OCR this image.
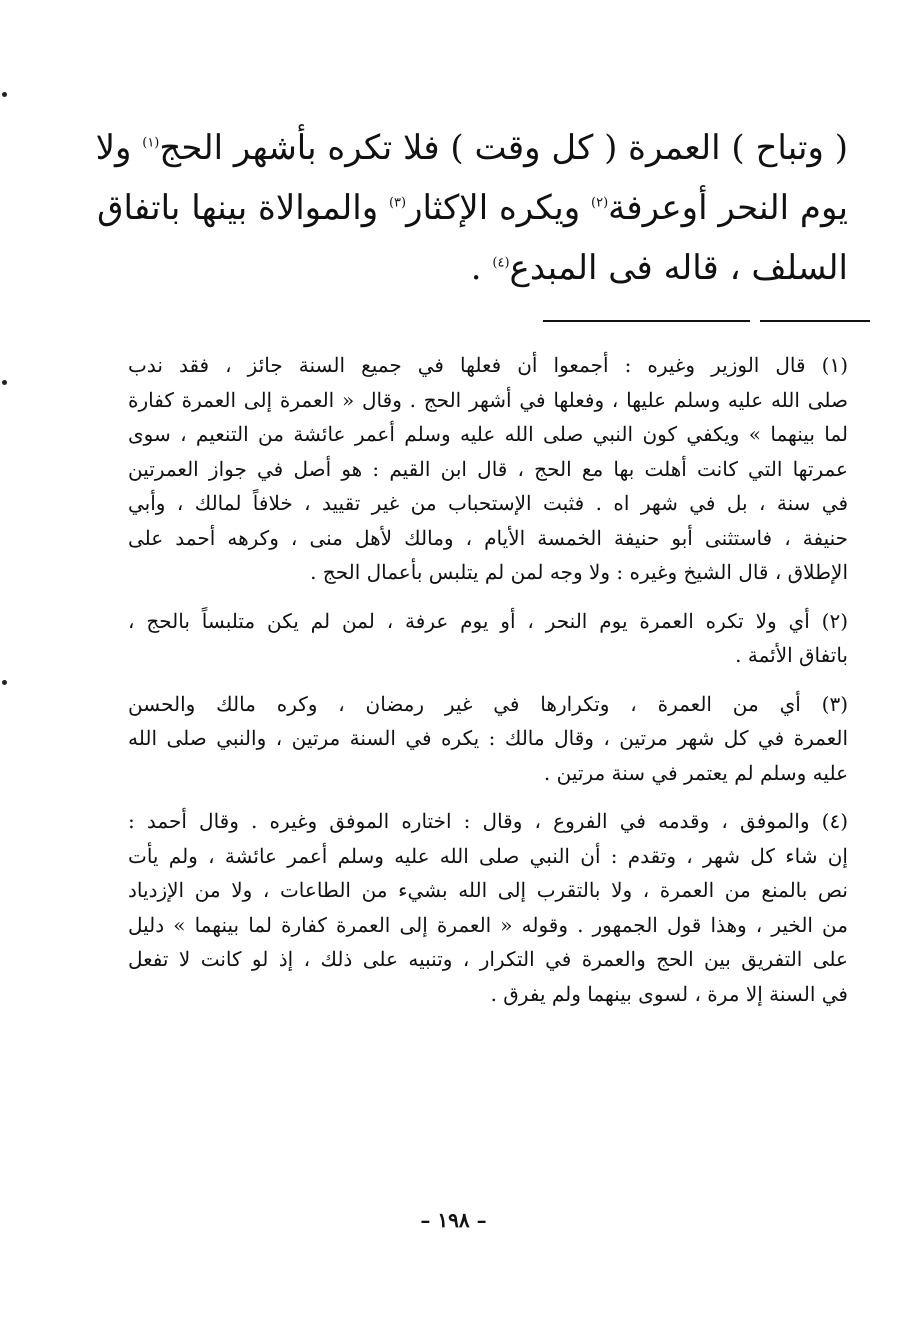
( وتباح ) العمرة ( كل وقت ) فلا تكره بأشهر الحج$^{(١)}$ ولا
يوم النحر أوعرفة$^{(٢)}$ ويكره الإكثار$^{(٣)}$ والموالاة بينها باتفاق
السلف ، قاله فى المبدع$^{(٤)}$ .
(١) قال الوزير وغيره : أجمعوا أن فعلها في جميع السنة جائز ، فقد ندب
صلى الله عليه وسلم عليها ، وفعلها في أشهر الحج . وقال « العمرة إلى العمرة كفارة
لما بينهما » ويكفي كون النبي صلى الله عليه وسلم أعمر عائشة من التنعيم ، سوى
عمرتها التي كانت أهلت بها مع الحج ، قال ابن القيم : هو أصل في جواز العمرتين
في سنة ، بل في شهر اه . فثبت الإستحباب من غير تقييد ، خلافاً لمالك ، وأبي
حنيفة ، فاستثنى أبو حنيفة الخمسة الأيام ، ومالك لأهل منى ، وكرهه أحمد على
الإطلاق ، قال الشيخ وغيره : ولا وجه لمن لم يتلبس بأعمال الحج .
(٢) أي ولا تكره العمرة يوم النحر ، أو يوم عرفة ، لمن لم يكن متلبساً بالحج ،
باتفاق الأئمة .
(٣) أي من العمرة ، وتكرارها في غير رمضان ، وكره مالك والحسن
العمرة في كل شهر مرتين ، وقال مالك : يكره في السنة مرتين ، والنبي صلى الله
عليه وسلم لم يعتمر في سنة مرتين .
(٤) والموفق ، وقدمه في الفروع ، وقال : اختاره الموفق وغيره . وقال أحمد :
إن شاء كل شهر ، وتقدم : أن النبي صلى الله عليه وسلم أعمر عائشة ، ولم يأت
نص بالمنع من العمرة ، ولا بالتقرب إلى الله بشيء من الطاعات ، ولا من الإزدياد
من الخير ، وهذا قول الجمهور . وقوله « العمرة إلى العمرة كفارة لما بينهما » دليل
على التفريق بين الحج والعمرة في التكرار ، وتنبيه على ذلك ، إذ لو كانت لا تفعل
في السنة إلا مرة ، لسوى بينهما ولم يفرق .
– ١٩٨ –
